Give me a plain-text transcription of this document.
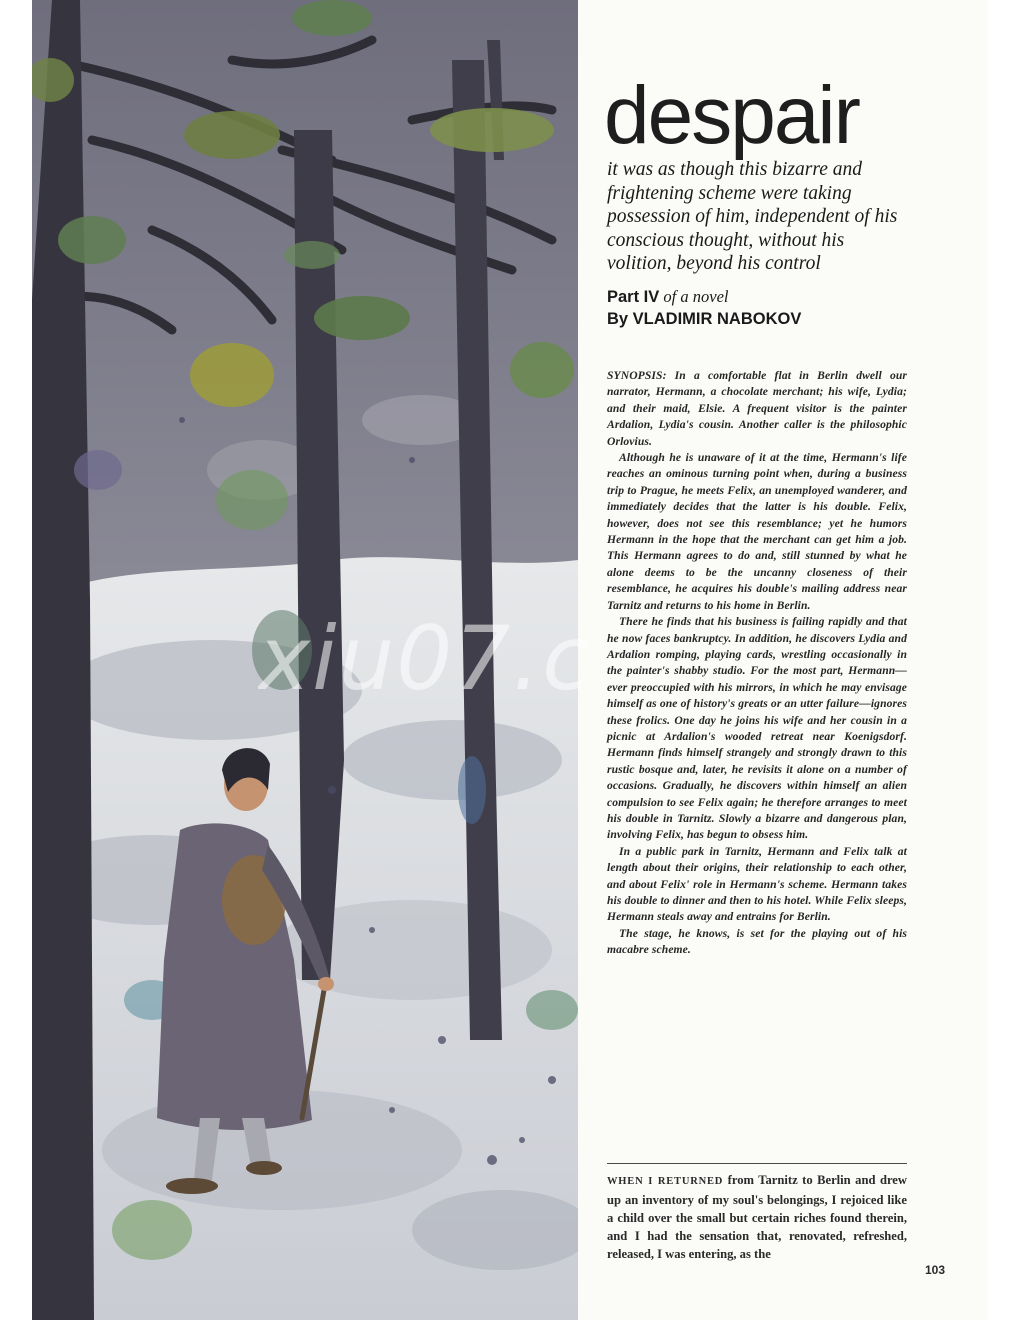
xiu07.c
despair

it was as though this bizarre and frightening scheme were taking possession of him, independent of his conscious thought, without his volition, beyond his control

Part IV of a novel
By VLADIMIR NABOKOV

SYNOPSIS: In a comfortable flat in Berlin dwell our narrator, Hermann, a chocolate merchant; his wife, Lydia; and their maid, Elsie. A frequent visitor is the painter Ardalion, Lydia's cousin. Another caller is the philosophic Orlovius.

Although he is unaware of it at the time, Hermann's life reaches an ominous turning point when, during a business trip to Prague, he meets Felix, an unemployed wanderer, and immediately decides that the latter is his double. Felix, however, does not see this resemblance; yet he humors Hermann in the hope that the merchant can get him a job. This Hermann agrees to do and, still stunned by what he alone deems to be the uncanny closeness of their resemblance, he acquires his double's mailing address near Tarnitz and returns to his home in Berlin.

There he finds that his business is failing rapidly and that he now faces bankruptcy. In addition, he discovers Lydia and Ardalion romping, playing cards, wrestling occasionally in the painter's shabby studio. For the most part, Hermann—ever preoccupied with his mirrors, in which he may envisage himself as one of history's greats or an utter failure—ignores these frolics. One day he joins his wife and her cousin in a picnic at Ardalion's wooded retreat near Koenigsdorf. Hermann finds himself strangely and strongly drawn to this rustic bosque and, later, he revisits it alone on a number of occasions. Gradually, he discovers within himself an alien compulsion to see Felix again; he therefore arranges to meet his double in Tarnitz. Slowly a bizarre and dangerous plan, involving Felix, has begun to obsess him.

In a public park in Tarnitz, Hermann and Felix talk at length about their origins, their relationship to each other, and about Felix' role in Hermann's scheme. Hermann takes his double to dinner and then to his hotel. While Felix sleeps, Hermann steals away and entrains for Berlin.

The stage, he knows, is set for the playing out of his macabre scheme.

WHEN I RETURNED from Tarnitz to Berlin and drew up an inventory of my soul's belongings, I rejoiced like a child over the small but certain riches found therein, and I had the sensation that, renovated, refreshed, released, I was entering, as the

103
